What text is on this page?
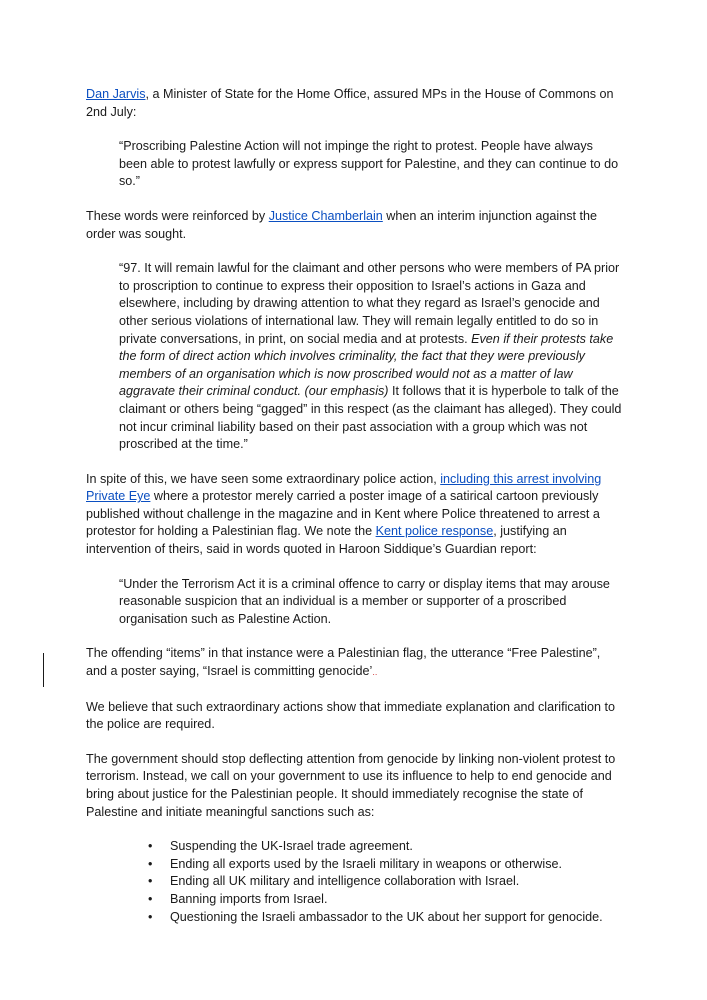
Dan Jarvis, a Minister of State for the Home Office, assured MPs in the House of Commons on 2nd July:

“Proscribing Palestine Action will not impinge the right to protest. People have always been able to protest lawfully or express support for Palestine, and they can continue to do so.”

These words were reinforced by Justice Chamberlain when an interim injunction against the order was sought.

“97. It will remain lawful for the claimant and other persons who were members of PA prior to proscription to continue to express their opposition to Israel’s actions in Gaza and elsewhere, including by drawing attention to what they regard as Israel’s genocide and other serious violations of international law. They will remain legally entitled to do so in private conversations, in print, on social media and at protests. Even if their protests take the form of direct action which involves criminality, the fact that they were previously members of an organisation which is now proscribed would not as a matter of law aggravate their criminal conduct. (our emphasis) It follows that it is hyperbole to talk of the claimant or others being “gagged” in this respect (as the claimant has alleged). They could not incur criminal liability based on their past association with a group which was not proscribed at the time.”

In spite of this, we have seen some extraordinary police action, including this arrest involving Private Eye where a protestor merely carried a poster image of a satirical cartoon previously published without challenge in the magazine and in Kent where Police threatened to arrest a protestor for holding a Palestinian flag. We note the Kent police response, justifying an intervention of theirs, said in words quoted in Haroon Siddique’s Guardian report:

“Under the Terrorism Act it is a criminal offence to carry or display items that may arouse reasonable suspicion that an individual is a member or supporter of a proscribed organisation such as Palestine Action.

The offending “items” in that instance were a Palestinian flag, the utterance “Free Palestine”, and a poster saying, “Israel is committing genocide’..

We believe that such extraordinary actions show that immediate explanation and clarification to the police are required.

The government should stop deflecting attention from genocide by linking non-violent protest to terrorism. Instead, we call on your government to use its influence to help to end genocide and bring about justice for the Palestinian people. It should immediately recognise the state of Palestine and initiate meaningful sanctions such as:

•	Suspending the UK-Israel trade agreement.
•	Ending all exports used by the Israeli military in weapons or otherwise.
•	Ending all UK military and intelligence collaboration with Israel.
•	Banning imports from Israel.
•	Questioning the Israeli ambassador to the UK about her support for genocide.
